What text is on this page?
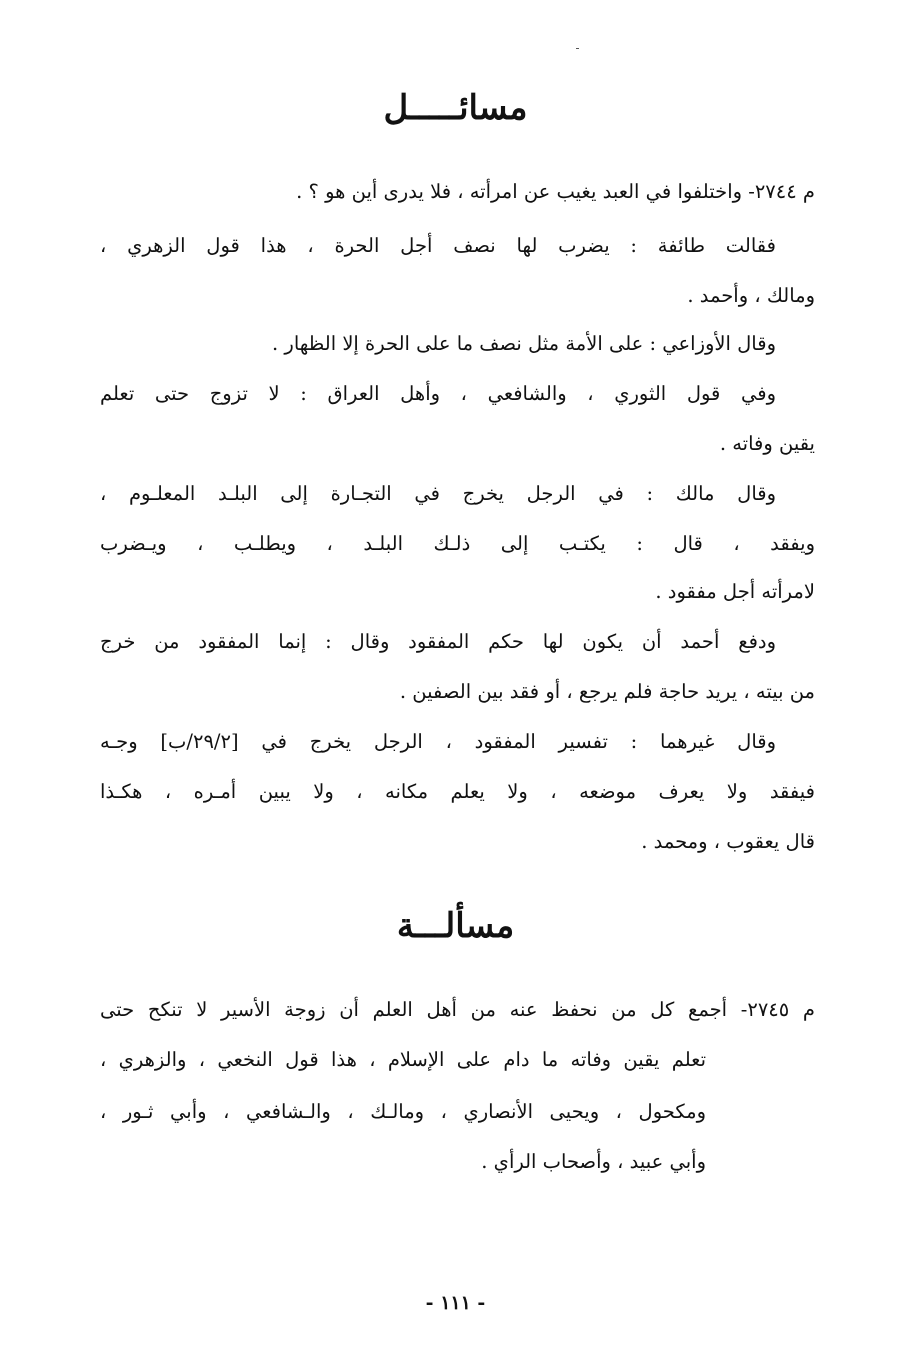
مسائـــــل
م ٢٧٤٤- واختلفوا في العبد يغيب عن امرأته ، فلا يدرى أين هو ؟ .
فقالت طائفة : يضرب لها نصف أجل الحرة ، هذا قول الزهري ،
ومالك ، وأحمد .
وقال الأوزاعي : على الأمة مثل نصف ما على الحرة إلا الظهار .
وفي قول الثوري ، والشافعي ، وأهل العراق : لا تزوج حتى تعلم
يقين وفاته .
وقال مالك : في الرجل يخرج في التجـارة إلى البلـد المعلـوم ،
ويفقد ، قال : يكتـب إلى ذلـك البلـد ، ويطلـب ، ويـضرب
لامرأته أجل مفقود .
ودفع أحمد أن يكون لها حكم المفقود وقال : إنما المفقود من خرج
من بيته ، يريد حاجة فلم يرجع ، أو فقد بين الصفين .
وقال غيرهما : تفسير المفقود ، الرجل يخرج في [٢٩/٢/ب] وجـه
فيفقد ولا يعرف موضعه ، ولا يعلم مكانه ، ولا يبين أمـره ، هكـذا
قال يعقوب ، ومحمد .
مسألـــة
م ٢٧٤٥- أجمع كل من نحفظ عنه من أهل العلم أن زوجة الأسير لا تنكح حتى
تعلم يقين وفاته ما دام على الإسلام ، هذا قول النخعي ، والزهري ،
ومكحول ، ويحيى الأنصاري ، ومالـك ، والـشافعي ، وأبي ثـور ،
وأبي عبيد ، وأصحاب الرأي .
- ١١١ -
